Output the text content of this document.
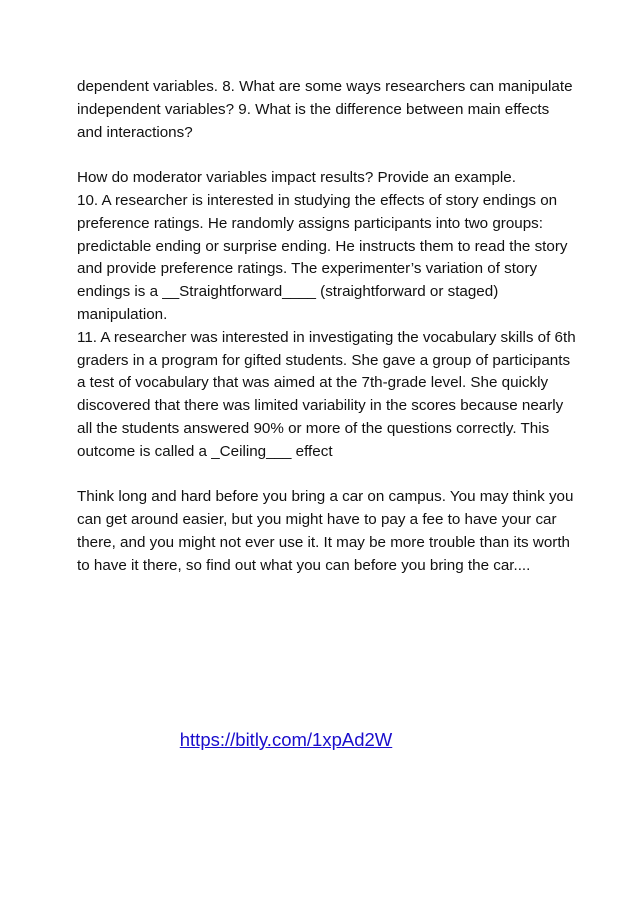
dependent variables. 8. What are some ways researchers can manipulate independent variables? 9. What is the difference between main effects and interactions?

How do moderator variables impact results? Provide an example.

10. A researcher is interested in studying the effects of story endings on preference ratings. He randomly assigns participants into two groups: predictable ending or surprise ending. He instructs them to read the story and provide preference ratings. The experimenter’s variation of story endings is a __Straightforward____ (straightforward or staged) manipulation.

11. A researcher was interested in investigating the vocabulary skills of 6th graders in a program for gifted students. She gave a group of participants a test of vocabulary that was aimed at the 7th-grade level. She quickly discovered that there was limited variability in the scores because nearly all the students answered 90% or more of the questions correctly. This outcome is called a _Ceiling___ effect

Think long and hard before you bring a car on campus. You may think you can get around easier, but you might have to pay a fee to have your car there, and you might not ever use it. It may be more trouble than its worth to have it there, so find out what you can before you bring the car....

https://bitly.com/1xpAd2W
